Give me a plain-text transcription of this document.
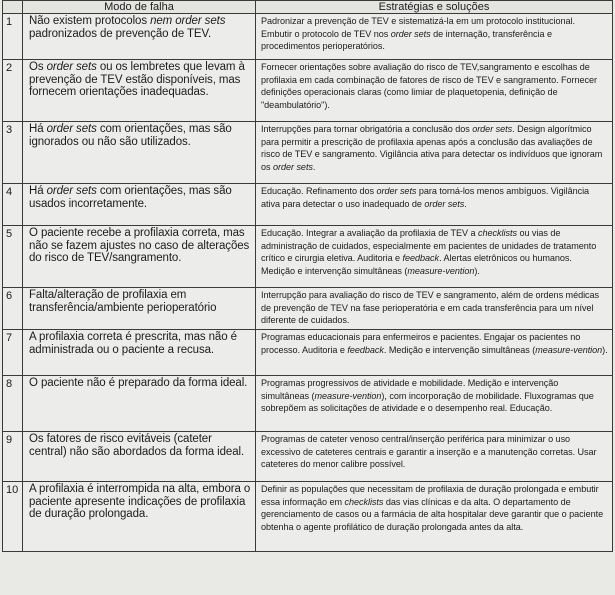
	Modo de falha	Estratégias e soluções
1	Não existem protocolos nem order sets padronizados de prevenção de TEV.	Padronizar a prevenção de TEV e sistematizá-la em um protocolo institucional. Embutir o protocolo de TEV nos order sets de internação, transferência e procedimentos perioperatórios.
2	Os order sets ou os lembretes que levam à prevenção de TEV estão disponíveis, mas fornecem orientações inadequadas.	Fornecer orientações sobre avaliação do risco de TEV,sangramento e escolhas de profilaxia em cada combinação de fatores de risco de TEV e sangramento. Fornecer definições operacionais claras (como limiar de plaquetopenia, definição de "deambulatório").
3	Há order sets com orientações, mas são ignorados ou não são utilizados.	Interrupções para tornar obrigatória a conclusão dos order sets. Design algorítmico para permitir a prescrição de profilaxia apenas após a conclusão das avaliações de risco de TEV e sangramento. Vigilância ativa para detectar os indivíduos que ignoram os order sets.
4	Há order sets com orientações, mas são usados incorretamente.	Educação. Refinamento dos order sets para torná-los menos ambíguos. Vigilância ativa para detectar o uso inadequado de order sets.
5	O paciente recebe a profilaxia correta, mas não se fazem ajustes no caso de alterações do risco de TEV/sangramento.	Educação. Integrar a avaliação da profilaxia de TEV a checklists ou vias de administração de cuidados, especialmente em pacientes de unidades de tratamento crítico e cirurgia eletiva. Auditoria e feedback. Alertas eletrônicos ou humanos. Medição e intervenção simultâneas (measure-vention).
6	Falta/alteração de profilaxia em transferência/ambiente perioperatório	Interrupção para avaliação do risco de TEV e sangramento, além de ordens médicas de prevenção de TEV na fase perioperatória e em cada transferência para um nível diferente de cuidados.
7	A profilaxia correta é prescrita, mas não é administrada ou o paciente a recusa.	Programas educacionais para enfermeiros e pacientes. Engajar os pacientes no processo. Auditoria e feedback. Medição e intervenção simultâneas (measure-vention).
8	O paciente não é preparado da forma ideal.	Programas progressivos de atividade e mobilidade. Medição e intervenção simultâneas (measure-vention), com incorporação de mobilidade. Fluxogramas que sobrepõem as solicitações de atividade e o desempenho real. Educação.
9	Os fatores de risco evitáveis (cateter central) não são abordados da forma ideal.	Programas de cateter venoso central/inserção periférica para minimizar o uso excessivo de cateteres centrais e garantir a inserção e a manutenção corretas. Usar cateteres do menor calibre possível.
10	A profilaxia é interrompida na alta, embora o paciente apresente indicações de profilaxia de duração prolongada.	Definir as populações que necessitam de profilaxia de duração prolongada e embutir essa informação em checklists das vias clínicas e da alta. O departamento de gerenciamento de casos ou a farmácia de alta hospitalar deve garantir que o paciente obtenha o agente profilático de duração prolongada antes da alta.
